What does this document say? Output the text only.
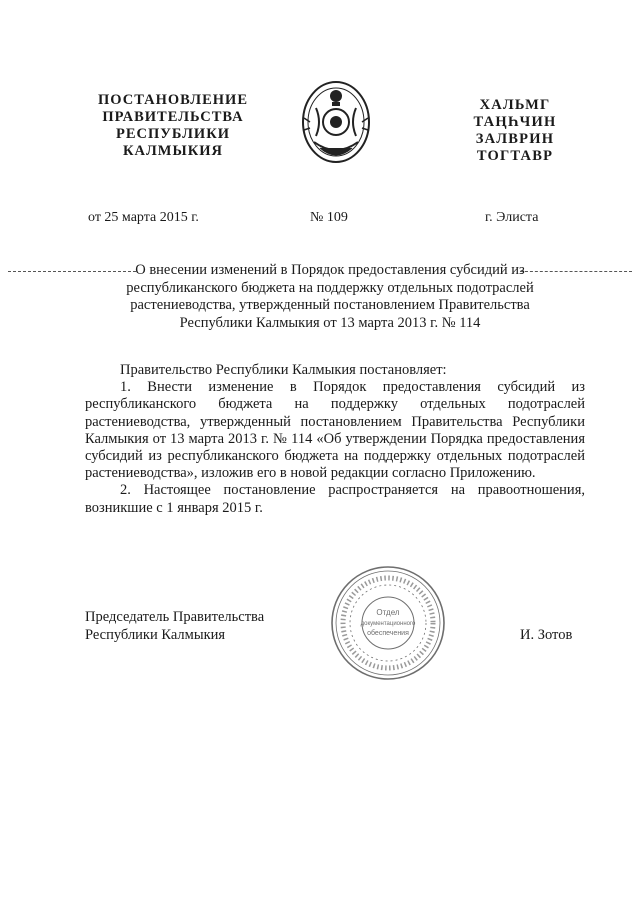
ПОСТАНОВЛЕНИЕ
ПРАВИТЕЛЬСТВА
РЕСПУБЛИКИ
КАЛМЫКИЯ
ХАЛЬМГ
ТАҢҺЧИН
ЗАЛВРИН
ТОГТАВР
от 25 марта 2015 г.	№ 109	г. Элиста
О внесении изменений в Порядок предоставления субсидий из
республиканского бюджета на поддержку отдельных подотраслей
растениеводства, утвержденный постановлением Правительства
Республики Калмыкия от 13 марта 2013 г. № 114

Правительство Республики Калмыкия постановляет:

1. Внести изменение в Порядок предоставления субсидий из республиканского бюджета на поддержку отдельных подотраслей растениеводства, утвержденный постановлением Правительства Республики Калмыкия от 13 марта 2013 г. № 114 «Об утверждении Порядка предоставления субсидий из республиканского бюджета на поддержку отдельных подотраслей растениеводства», изложив его в новой редакции согласно Приложению.

2. Настоящее постановление распространяется на правоотношения, возникшие с 1 января 2015 г.

Председатель Правительства
Республики Калмыкия	И. Зотов
Отдел
документационного
обеспечения
